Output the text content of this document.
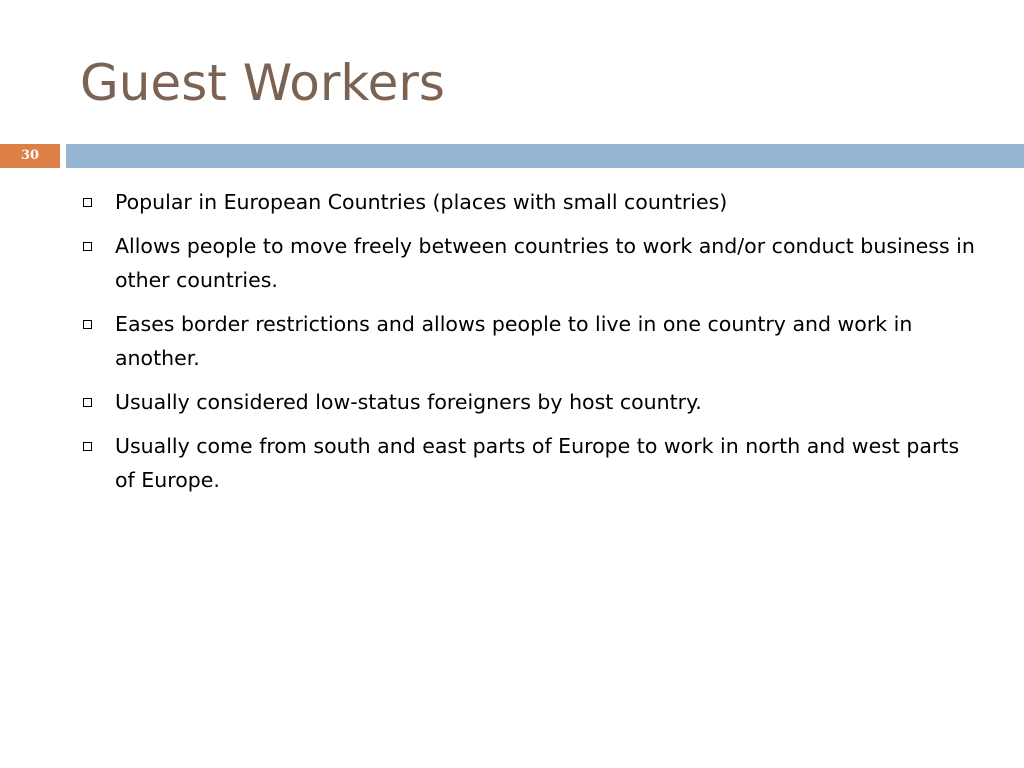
Guest Workers
30
Popular in European Countries (places with small countries)
Allows people to move freely between countries to work and/or conduct business in other countries.
Eases border restrictions and allows people to live in one country and work in another.
Usually considered low-status foreigners by host country.
Usually come from south and east parts of Europe to work in north and west parts of Europe.
